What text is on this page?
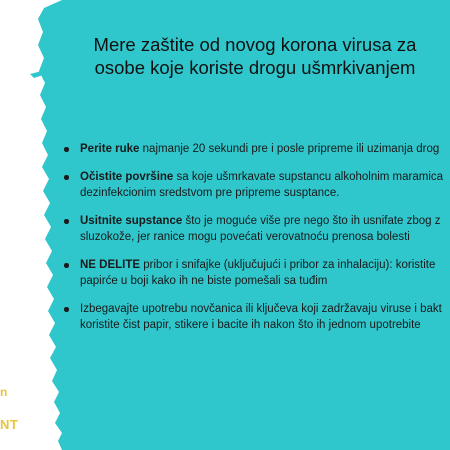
Mere zaštite od novog korona virusa za
osobe koje koriste drogu ušmrkivanjem
Perite ruke najmanje 20 sekundi pre i posle pripreme ili uzimanja drog
Očistite površine sa koje ušmrkavate supstancu alkoholnim maramica
dezinfekcionim sredstvom pre pripreme susptance.
Usitnite supstance što je moguće više pre nego što ih usnifate zbog z
sluzokože, jer ranice mogu povećati verovatnoću prenosa bolesti
NE DELITE pribor i snifajke (uključujući i pribor za inhalaciju): koristite
papirće u boji kako ih ne biste pomešali sa tuđim
Izbegavajte upotrebu novčanica ili ključeva koji zadržavaju viruse i bakt
koristite čist papir, stikere i bacite ih nakon što ih jednom upotrebite
n
NT
